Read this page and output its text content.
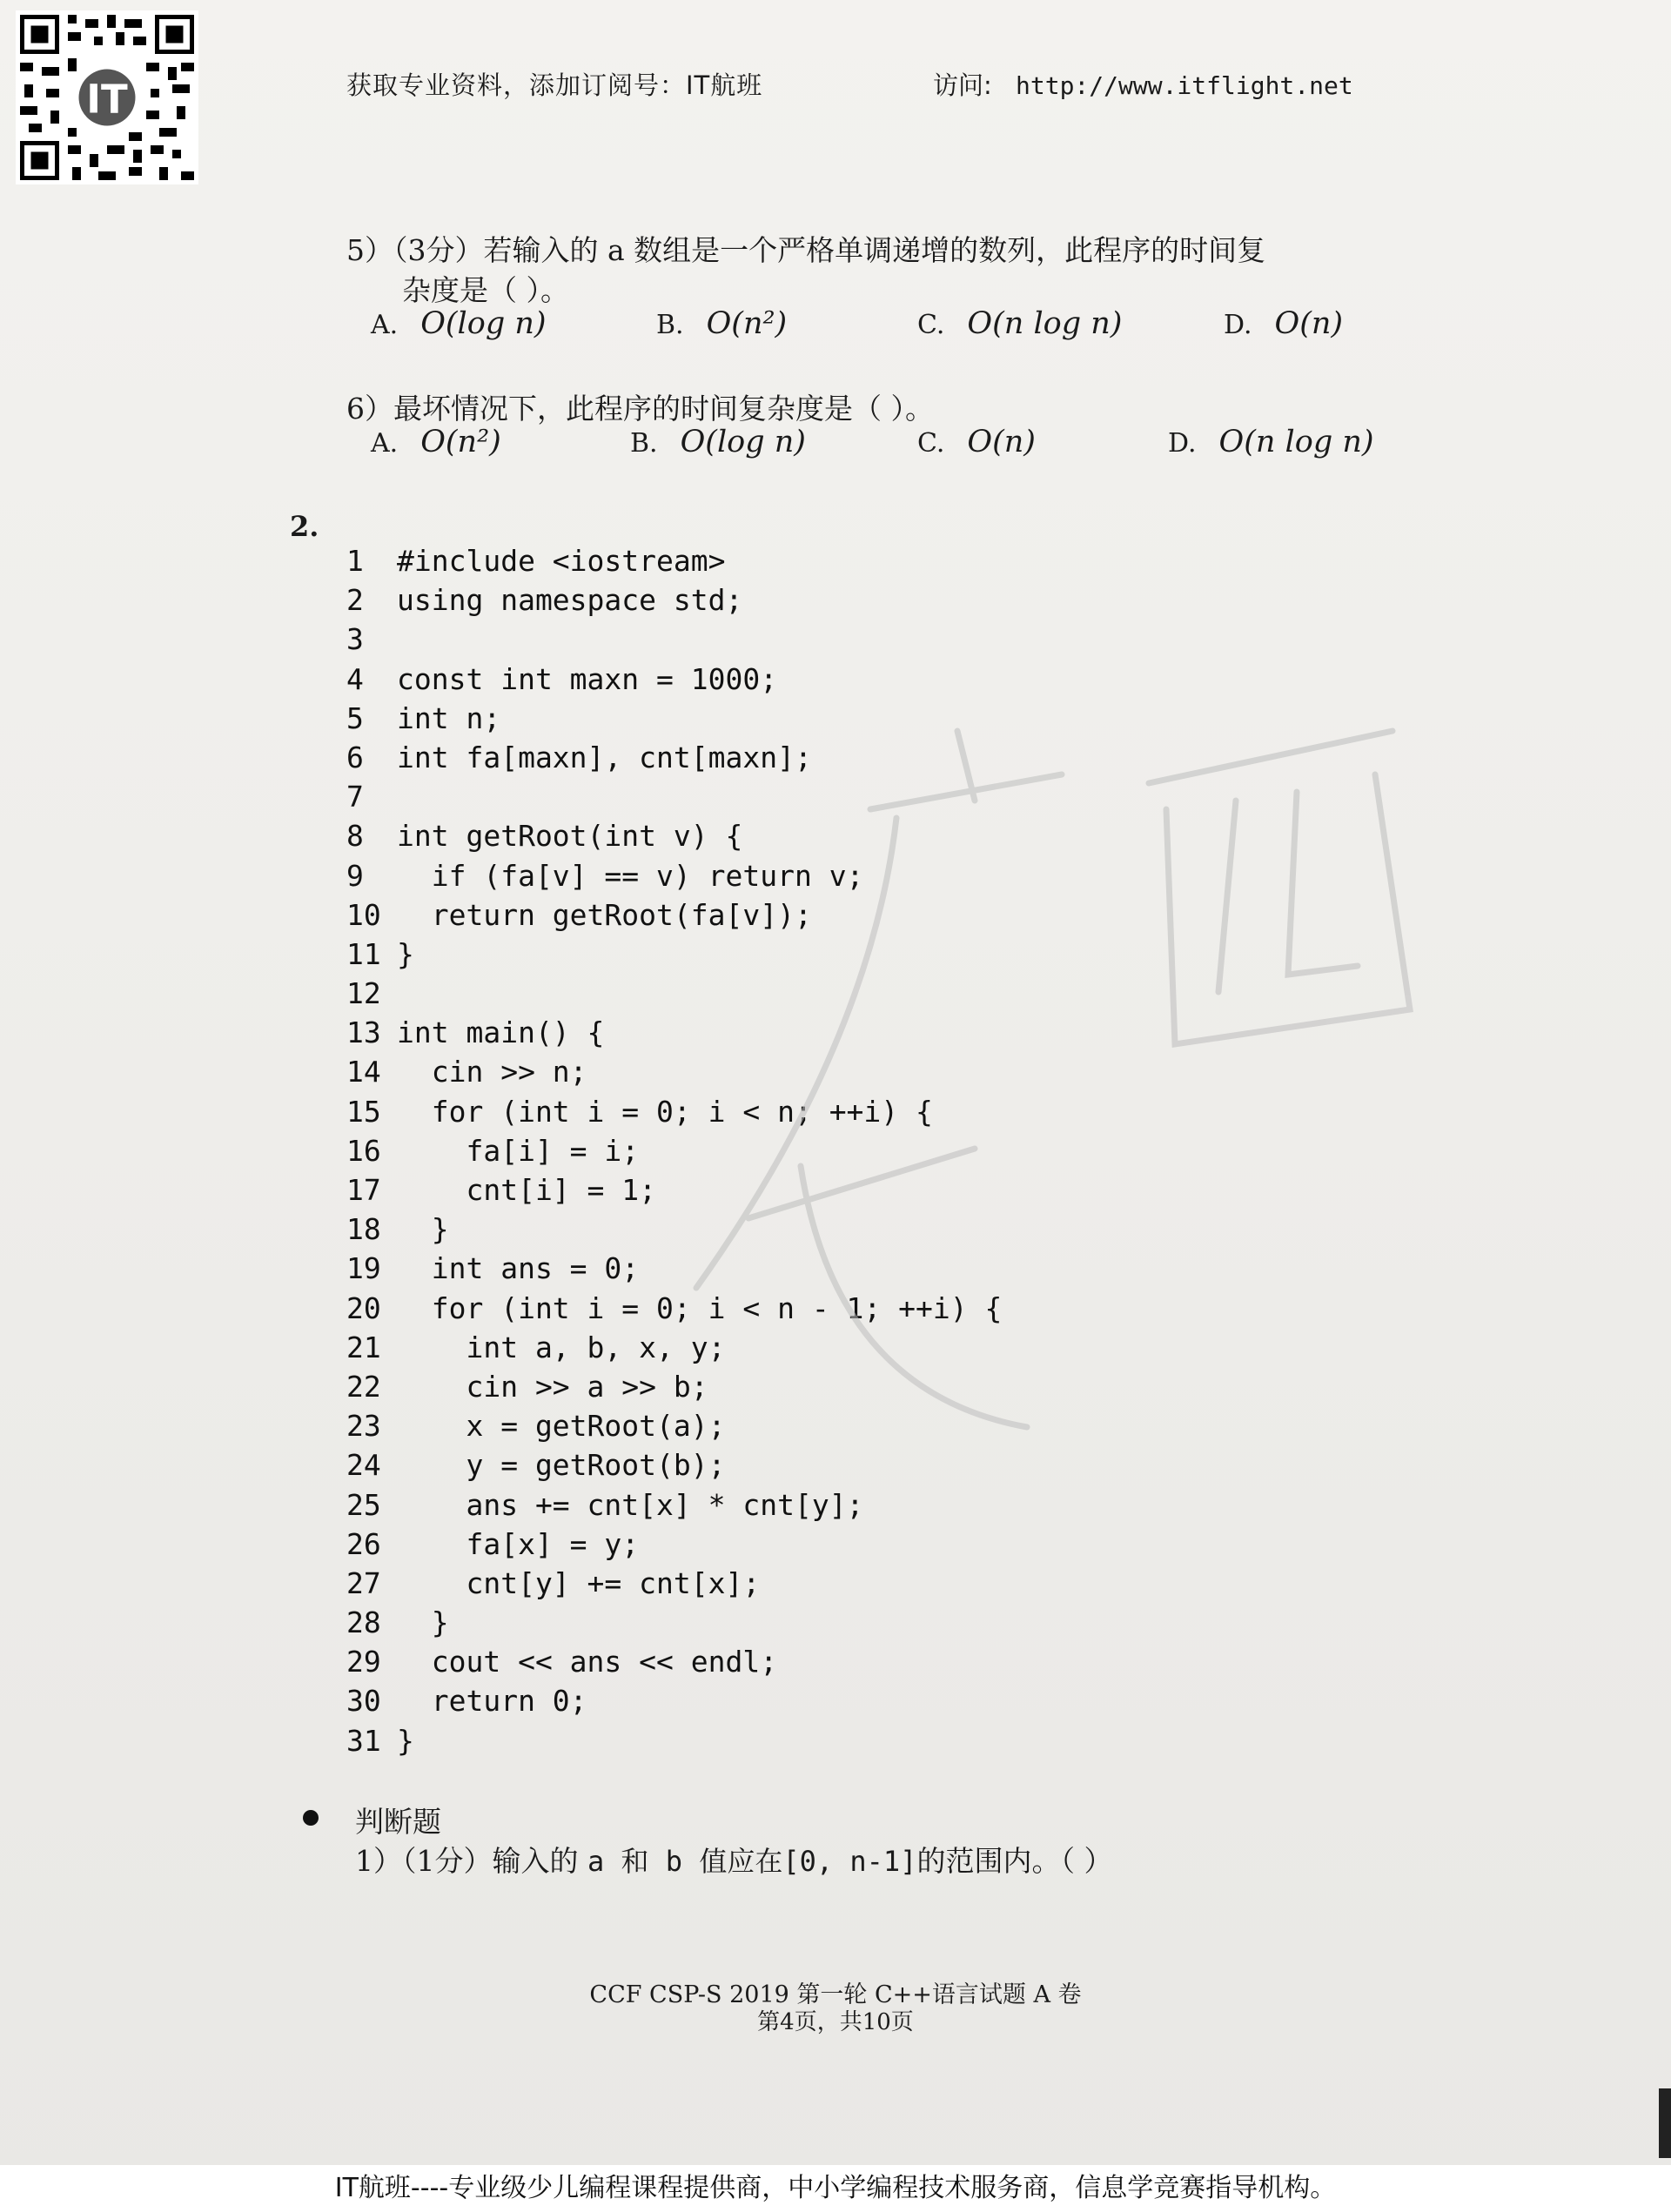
IT	获取专业资料，添加订阅号：IT航班	访问: http://www.itflight.net
5）（3分）若输入的 a 数组是一个严格单调递增的数列，此程序的时间复
杂度是（ ）。
A. O(log n)	B. O(n²)	C. O(n log n)	D. O(n)
6）最坏情况下，此程序的时间复杂度是（ ）。
A. O(n²)	B. O(log n)	C. O(n)	D. O(n log n)
2.
1 #include <iostream>
2 using namespace std;
3
4 const int maxn = 1000;
5 int n;
6 int fa[maxn], cnt[maxn];
7
8 int getRoot(int v) {
9  if (fa[v] == v) return v;
10  return getRoot(fa[v]);
11 }
12
13 int main() {
14  cin >> n;
15  for (int i = 0; i < n; ++i) {
16    fa[i] = i;
17    cnt[i] = 1;
18  }
19  int ans = 0;
20  for (int i = 0; i < n - 1; ++i) {
21    int a, b, x, y;
22    cin >> a >> b;
23    x = getRoot(a);
24    y = getRoot(b);
25    ans += cnt[x] * cnt[y];
26    fa[x] = y;
27    cnt[y] += cnt[x];
28  }
29  cout << ans << endl;
30  return 0;
31 }
判断题
1）（1分）输入的 a 和 b 值应在[0, n-1]的范围内。（ ）
CCF CSP-S 2019 第一轮 C++语言试题 A 卷
第4页，共10页
IT航班----专业级少儿编程课程提供商，中小学编程技术服务商，信息学竞赛指导机构。
